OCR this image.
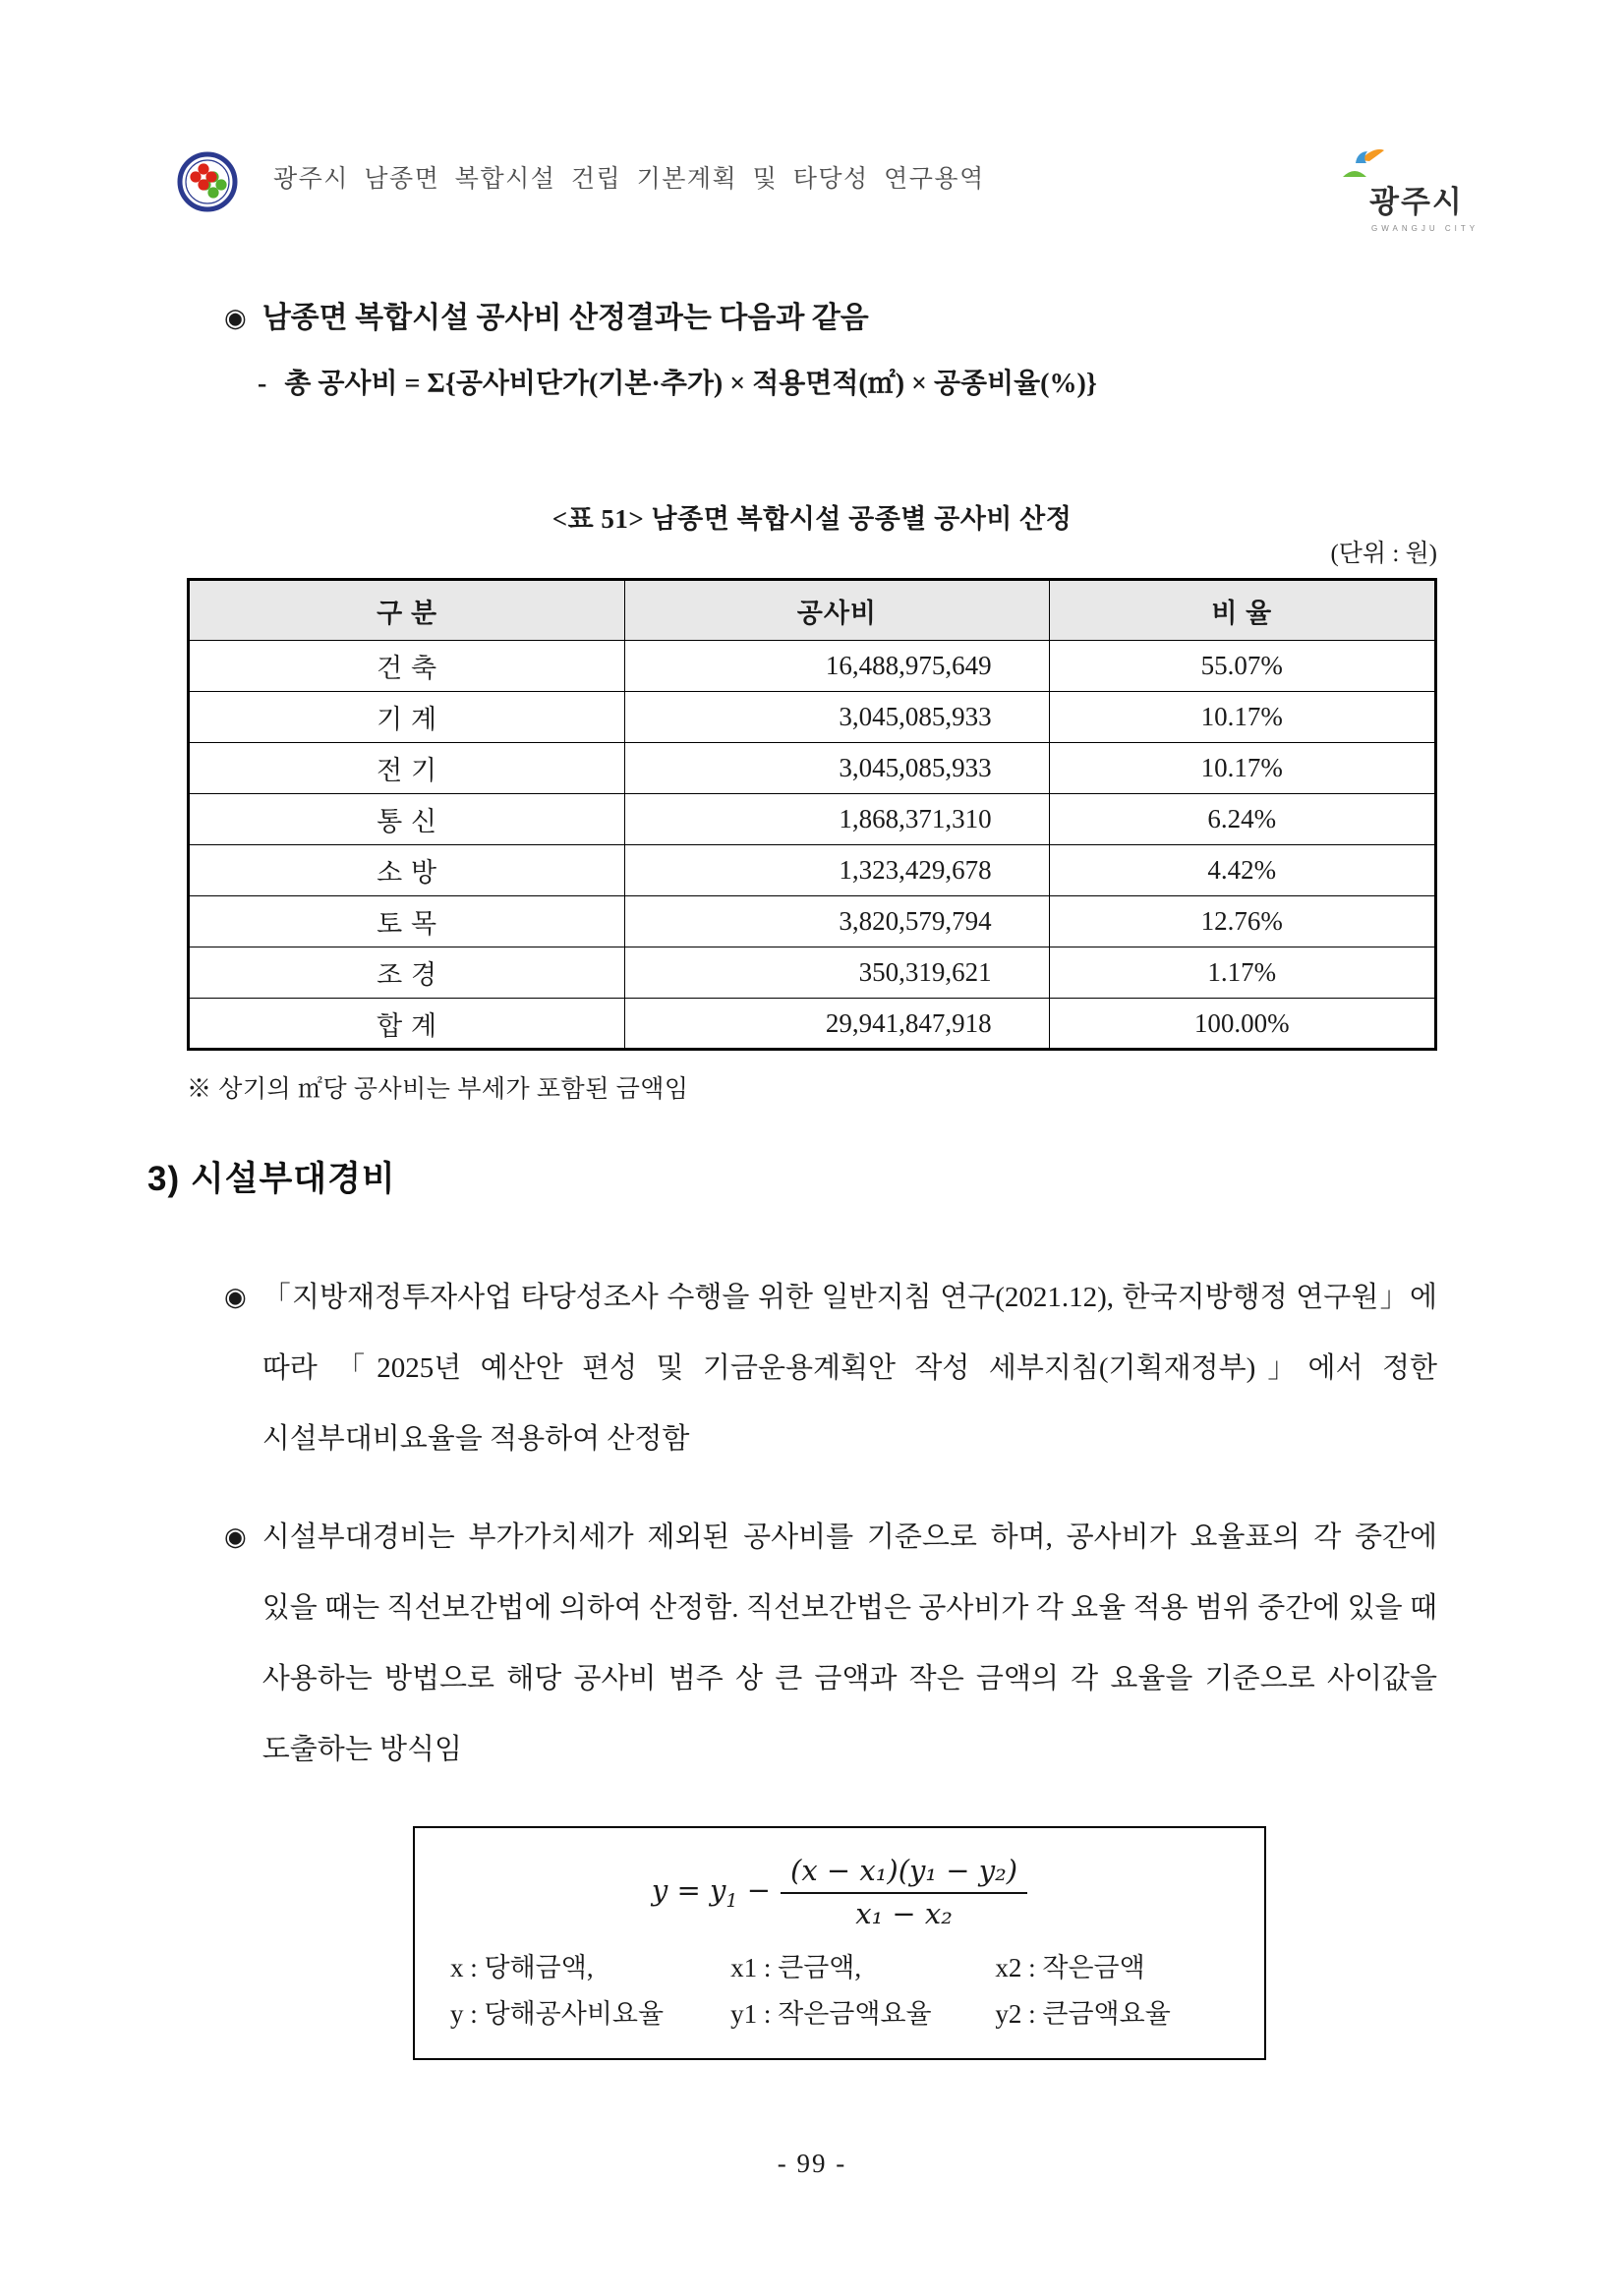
광주시 남종면 복합시설 건립 기본계획 및 타당성 연구용역
광주시
GWANGJU CITY
◉ 남종면 복합시설 공사비 산정결과는 다음과 같음
- 총 공사비 = Σ{공사비단가(기본·추가) × 적용면적(㎡) × 공종비율(%)}
<표 51> 남종면 복합시설 공종별 공사비 산정
(단위 : 원)
구 분	공사비	비 율
건 축	16,488,975,649	55.07%
기 계	3,045,085,933	10.17%
전 기	3,045,085,933	10.17%
통 신	1,868,371,310	6.24%
소 방	1,323,429,678	4.42%
토 목	3,820,579,794	12.76%
조 경	350,319,621	1.17%
합 계	29,941,847,918	100.00%
※ 상기의 ㎡당 공사비는 부세가 포함된 금액임
3) 시설부대경비
◉ 「지방재정투자사업 타당성조사 수행을 위한 일반지침 연구(2021.12), 한국지방행정 연구원」에 따라 「2025년 예산안 편성 및 기금운용계획안 작성 세부지침(기획재정부)」에서 정한 시설부대비요율을 적용하여 산정함
◉ 시설부대경비는 부가가치세가 제외된 공사비를 기준으로 하며, 공사비가 요율표의 각 중간에 있을 때는 직선보간법에 의하여 산정함. 직선보간법은 공사비가 각 요율 적용 범위 중간에 있을 때 사용하는 방법으로 해당 공사비 범주 상 큰 금액과 작은 금액의 각 요율을 기준으로 사이값을 도출하는 방식임
$y = y_1 - \frac{\text{(x − x₁)(y₁ − y₂)}}{\text{x₁ − x₂}}$
x : 당해금액,	x1 : 큰금액,	x2 : 작은금액
y : 당해공사비요율	y1 : 작은금액요율	y2 : 큰금액요율
- 99 -
